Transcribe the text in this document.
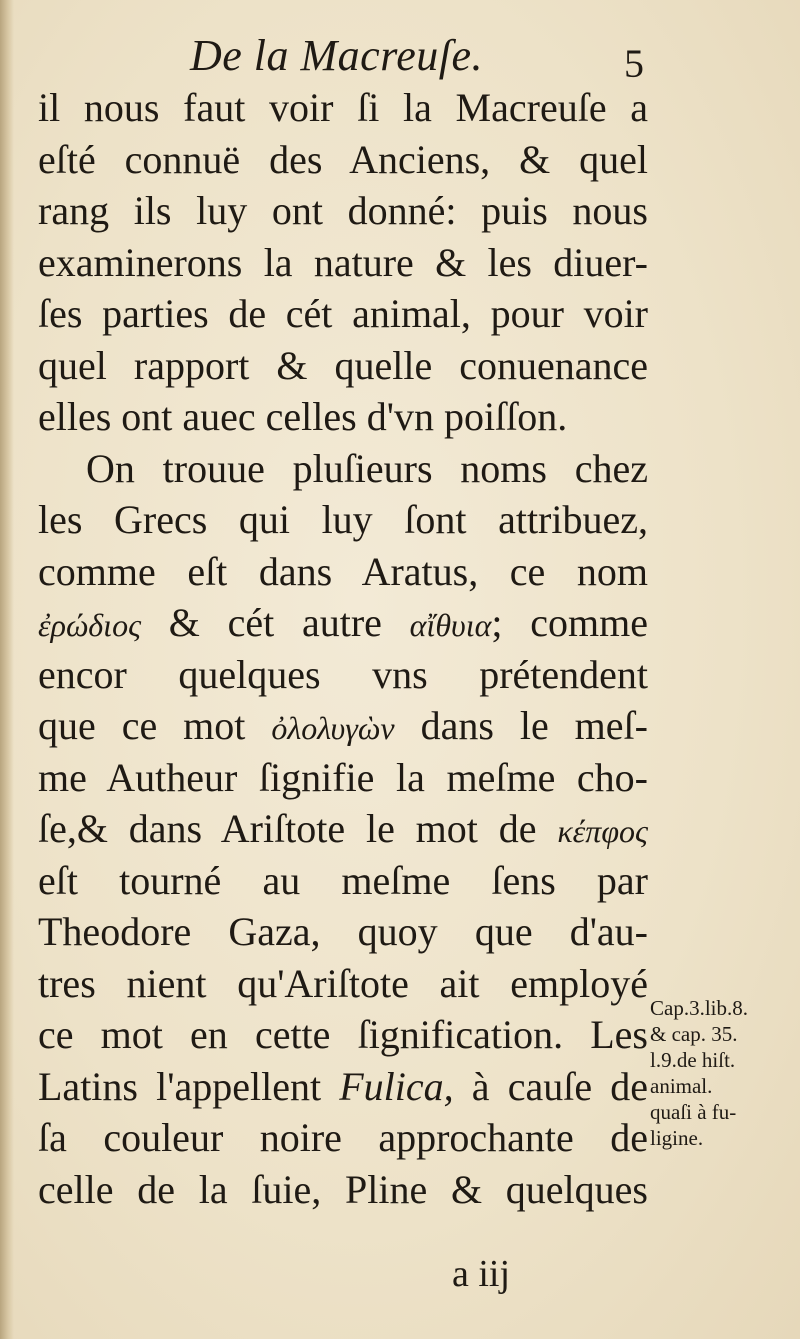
De la Macreuſe.	5
il nous faut voir ſi la Macreuſe a
eſté connuë des Anciens, & quel
rang ils luy ont donné: puis nous
examinerons la nature & les diuer-
ſes parties de cét animal, pour voir
quel rapport & quelle conuenance
elles ont auec celles d'vn poiſſon.
On trouue pluſieurs noms chez
les Grecs qui luy ſont attribuez,
comme eſt dans Aratus, ce nom
ἐρώδιος & cét autre αἴθυια; comme
encor quelques vns prétendent
que ce mot ὀλολυγὼν dans le meſ-
me Autheur ſignifie la meſme cho-
ſe,& dans Ariſtote le mot de κέπφος
eſt tourné au meſme ſens par
Theodore Gaza, quoy que d'au-
tres nient qu'Ariſtote ait employé
ce mot en cette ſignification. Les
Latins l'appellent Fulica, à cauſe de
ſa couleur noire approchante de
celle de la ſuie, Pline & quelques
Cap.3.lib.8.
& cap. 35.
l.9.de hiſt.
animal.
quaſi à fu-
ligine.
a iij
